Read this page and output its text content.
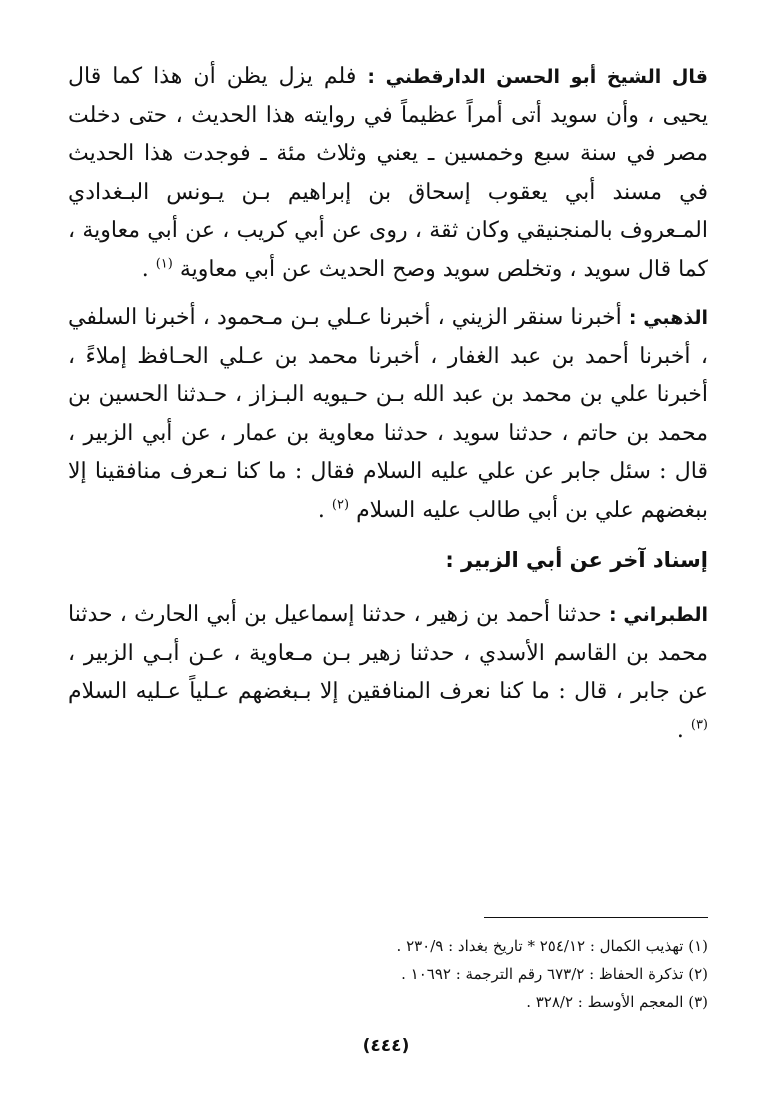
قال الشيخ أبو الحسن الدارقطني : فلم يزل يظن أن هذا كما قال يحيى ، وأن سويد أتى أمراً عظيماً في روايته هذا الحديث ، حتى دخلت مصر في سنة سبع وخمسين ـ يعني وثلاث مئة ـ فوجدت هذا الحديث في مسند أبي يعقوب إسحاق بن إبراهيم بـن يـونس البـغدادي المـعروف بالمنجنيقي وكان ثقة ، روى عن أبي كريب ، عن أبي معاوية ، كما قال سويد ، وتخلص سويد وصح الحديث عن أبي معاوية $^{(١)}$ .

الذهبي : أخبرنا سنقر الزيني ، أخبرنا عـلي بـن مـحمود ، أخبرنا السلفي ، أخبرنا أحمد بن عبد الغفار ، أخبرنا محمد بن عـلي الحـافظ إملاءً ، أخبرنا علي بن محمد بن عبد الله بـن حـيويه البـزاز ، حـدثنا الحسين بن محمد بن حاتم ، حدثنا سويد ، حدثنا معاوية بن عمار ، عن أبي الزبير ، قال : سئل جابر عن علي عليه السلام فقال : ما كنا نـعرف منافقينا إلا ببغضهم علي بن أبي طالب عليه السلام $^{(٢)}$ .

إسناد آخر عن أبي الزبير :

الطبراني : حدثنا أحمد بن زهير ، حدثنا إسماعيل بن أبي الحارث ، حدثنا محمد بن القاسم الأسدي ، حدثنا زهير بـن مـعاوية ، عـن أبـي الزبير ، عن جابر ، قال : ما كنا نعرف المنافقين إلا بـبغضهم عـلياً عـليه السلام $^{(٣)}$ .

(١) تهذيب الكمال : ٢٥٤/١٢ * تاريخ بغداد : ٢٣٠/٩ .

(٢) تذكرة الحفاظ : ٦٧٣/٢ رقم الترجمة : ١٠٦٩٢ .

(٣) المعجم الأوسط : ٣٢٨/٢ .

(٤٤٤)
